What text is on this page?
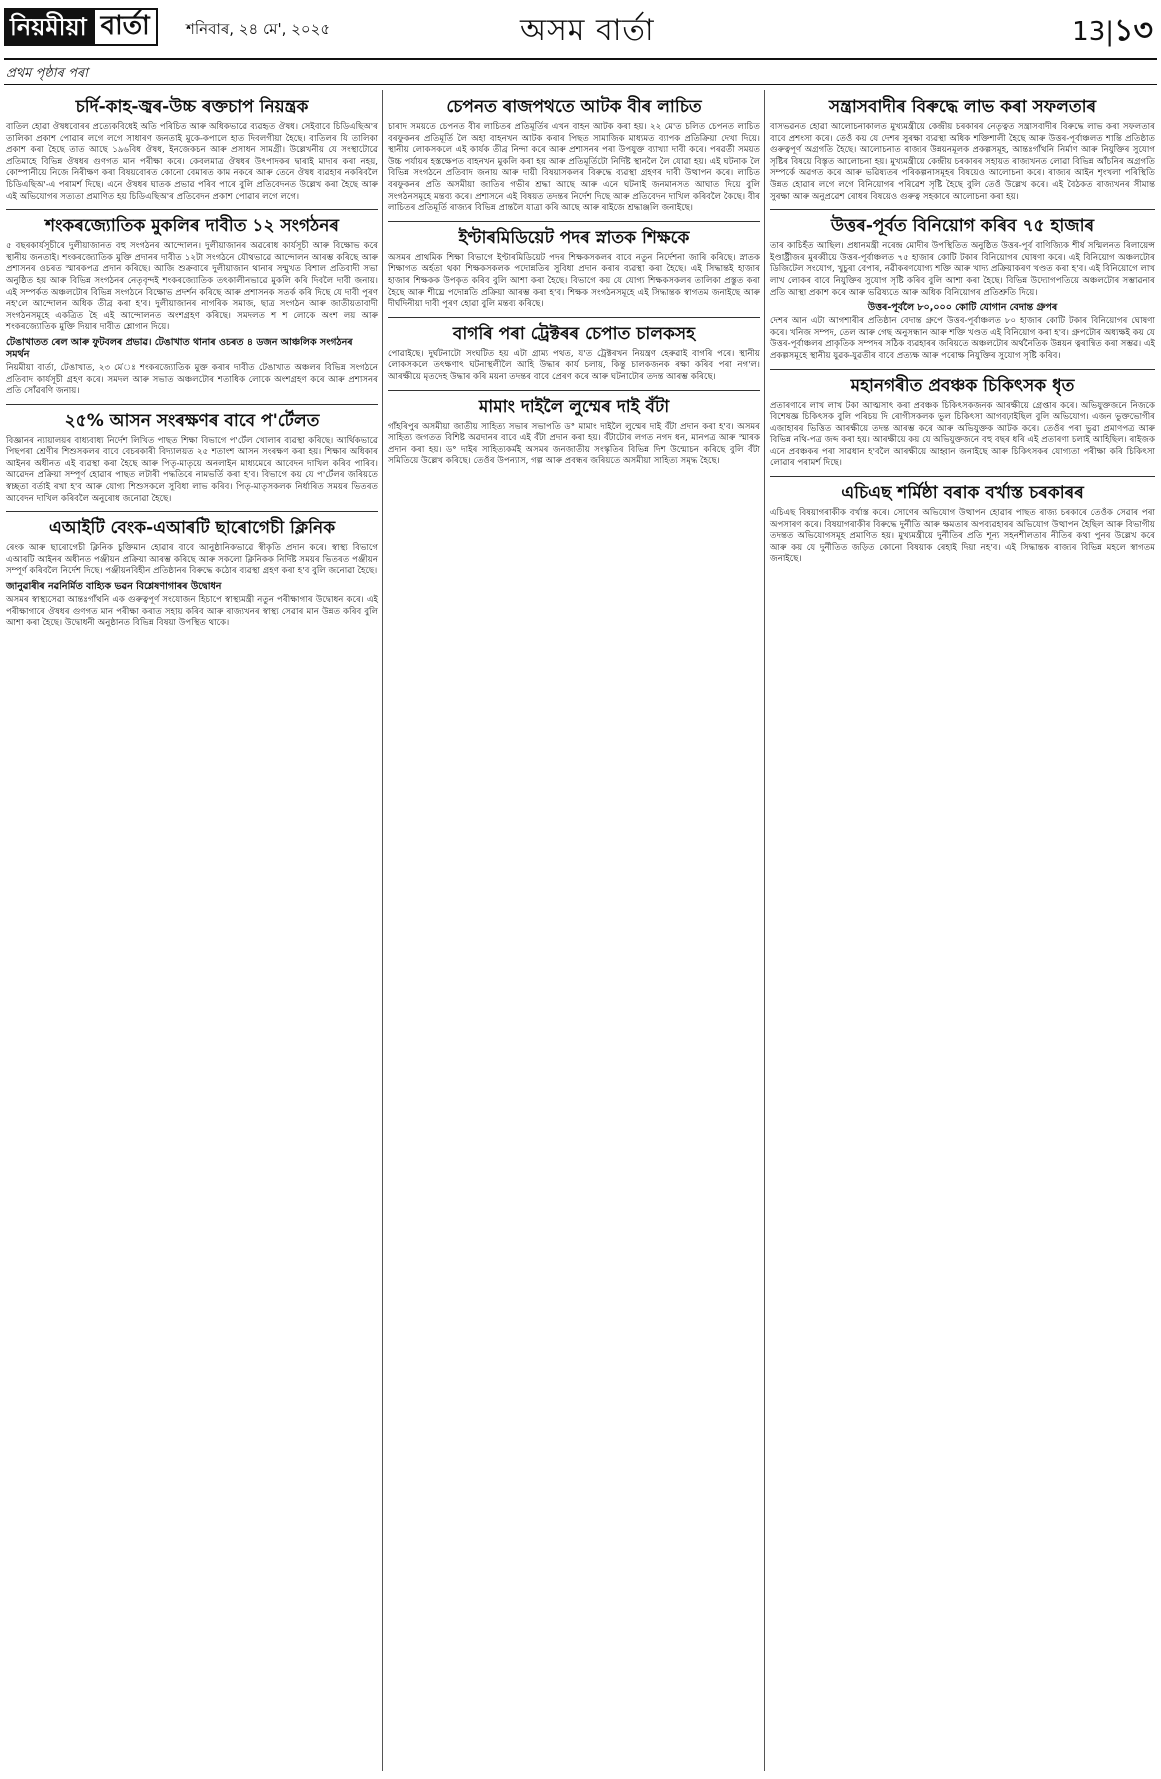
নিয়মীয়া বাৰ্তা	শনিবাৰ, ২৪ মে', ২০২৫	অসম বাৰ্তা	13|১৩
প্ৰথম পৃষ্ঠাৰ পৰা
চৰ্দি-কাহ-জ্বৰ-উচ্চ ৰক্তচাপ নিয়ন্ত্ৰক
বাতিল হোৱা ঔষধবোৰৰ প্ৰত্যেকবিধেই অতি পৰিচিত আৰু অধিকভাৱে ব্যৱহৃত ঔষধ। সেইবাবে চিডিএছিঅ'ৰ তালিকা প্ৰকাশ পোৱাৰ লগে লগে সাধাৰণ জনতাই মুকে-কপালে হাত দিবলগীয়া হৈছে। বাতিলৰ যি তালিকা প্ৰকাশ কৰা হৈছে তাত আছে ১৯৬বিধ ঔষধ, ইনজেকচন আৰু প্ৰসাধন সামগ্ৰী। উল্লেখনীয় যে সংস্থাটোৱে প্ৰতিমাহে বিভিন্ন ঔষধৰ গুণগত মান পৰীক্ষা কৰে। কেবলমাত্ৰ ঔষধৰ উৎপাদকৰ দ্বাৰাই মাদাৰ কৰা নহয়, কোম্পানীয়ে নিজে নিৰীক্ষণ কৰা বিষয়বোৰত কোনো বেমাৰত কাম নকৰে আৰু তেনে ঔষধ ব্যৱহাৰ নকৰিবলৈ চিডিএছিঅ'-এ পৰামৰ্শ দিছে। এনে ঔষধৰ ঘাতক প্ৰভাৱ পৰিব পাৰে বুলি প্ৰতিবেদনত উল্লেখ কৰা হৈছে আৰু এই অভিযোগৰ সত্যতা প্ৰমাণিত হয় চিডিএছিঅ'ৰ প্ৰতিবেদন প্ৰকাশ পোৱাৰ লগে লগে।
শংকৰজ্যোতিক মুকলিৰ দাবীত ১২ সংগঠনৰ
৫ বছৰকাৰ্যসূচীৰে দুলীয়াজানত বহু সংগঠনৰ আন্দোলন। দুলীয়াজানৰ অৱৰোধ কাৰ্যসূচী আৰু বিক্ষোভ কৰে স্থানীয় জনতাই। শংকৰজ্যোতিক মুক্তি প্ৰদানৰ দাবীত ১২টা সংগঠনে যৌথভাৱে আন্দোলন আৰম্ভ কৰিছে আৰু প্ৰশাসনৰ ওচৰত স্মাৰকপত্ৰ প্ৰদান কৰিছে। আজি শুক্ৰবাৰে দুলীয়াজান থানাৰ সন্মুখত বিশাল প্ৰতিবাদী সভা অনুষ্ঠিত হয় আৰু বিভিন্ন সংগঠনৰ নেতৃবৃন্দই শংকৰজ্যোতিক তৎকালীনভাৱে মুকলি কৰি দিবলৈ দাবী জনায়। এই সম্পৰ্কত অঞ্চলটোৰ বিভিন্ন সংগঠনে বিক্ষোভ প্ৰদৰ্শন কৰিছে আৰু প্ৰশাসনক সতৰ্ক কৰি দিছে যে দাবী পূৰণ নহ'লে আন্দোলন অধিক তীব্ৰ কৰা হ'ব। দুলীয়াজানৰ নাগৰিক সমাজ, ছাত্ৰ সংগঠন আৰু জাতীয়তাবাদী সংগঠনসমূহে একত্ৰিত হৈ এই আন্দোলনত অংশগ্ৰহণ কৰিছে। সমদলত শ শ লোকে অংশ লয় আৰু শংকৰজ্যোতিক মুক্তি দিয়াৰ দাবীত শ্লোগান দিয়ে।
টেঙাখাতত ৰেল আৰু ফুটবলৰ প্ৰভাৱ। টেঙাখাত থানাৰ ওচৰত ৪ ডজন আঞ্চলিক সংগঠনৰ সমৰ্থন
নিয়মীয়া বাৰ্তা, টেঙাখাত, ২৩ মে'ঃ শংকৰজ্যোতিক মুক্ত কৰাৰ দাবীত টেঙাখাত অঞ্চলৰ বিভিন্ন সংগঠনে প্ৰতিবাদ কাৰ্যসূচী গ্ৰহণ কৰে। সমদল আৰু সভাত অঞ্চলটোৰ শতাধিক লোকে অংশগ্ৰহণ কৰে আৰু প্ৰশাসনৰ প্ৰতি সোঁৱৰণি জনায়।
২৫% আসন সংৰক্ষণৰ বাবে প'ৰ্টেলত
বিজ্ঞানৰ ন্যায়ালয়ৰ বাধ্যবাধ্য নিৰ্দেশ লিখিত পাছত শিক্ষা বিভাগে প'ৰ্টেল খোলাৰ ব্যৱস্থা কৰিছে। আৰ্থিকভাৱে পিছপৰা শ্ৰেণীৰ শিশুসকলৰ বাবে বেচৰকাৰী বিদ্যালয়ত ২৫ শতাংশ আসন সংৰক্ষণ কৰা হয়। শিক্ষাৰ অধিকাৰ আইনৰ অধীনত এই ব্যৱস্থা কৰা হৈছে আৰু পিতৃ-মাতৃয়ে অনলাইন মাধ্যমেৰে আবেদন দাখিল কৰিব পাৰিব। আৱেদন প্ৰক্ৰিয়া সম্পূৰ্ণ হোৱাৰ পাছত লটাৰী পদ্ধতিৰে নামভৰ্তি কৰা হ'ব। বিভাগে কয় যে প'ৰ্টেলৰ জৰিয়তে স্বচ্ছতা বৰ্তাই ৰখা হ'ব আৰু যোগ্য শিশুসকলে সুবিধা লাভ কৰিব। পিতৃ-মাতৃসকলক নিৰ্ধাৰিত সময়ৰ ভিতৰত আবেদন দাখিল কৰিবলৈ অনুৰোধ জনোৱা হৈছে।
এআইটি বেংক-এআৰটি ছাৰোগেচী ক্লিনিক
ৰেংক আৰু ছাৰোগেচী ক্লিনিক চুক্তিমান হোৱাৰ বাবে আনুষ্ঠানিকভাৱে স্বীকৃতি প্ৰদান কৰে। স্বাস্থ্য বিভাগে এআৰটি আইনৰ অধীনত পঞ্জীয়ন প্ৰক্ৰিয়া আৰম্ভ কৰিছে আৰু সকলো ক্লিনিকক নিৰ্দিষ্ট সময়ৰ ভিতৰত পঞ্জীয়ন সম্পূৰ্ণ কৰিবলৈ নিৰ্দেশ দিছে। পঞ্জীয়নবিহীন প্ৰতিষ্ঠানৰ বিৰুদ্ধে কঠোৰ ব্যৱস্থা গ্ৰহণ কৰা হ'ব বুলি জনোৱা হৈছে।
জানুৱাৰীৰ নৱনিৰ্মিত বাহ্যিক ভৱন বিশ্লেষণাগাৰৰ উদ্বোধন
অসমৰ স্বাস্থ্যসেৱা আন্তঃগাঁথনি এক গুৰুত্বপূৰ্ণ সংযোজন হিচাপে স্বাস্থ্যমন্ত্ৰী নতুন পৰীক্ষাগাৰ উদ্বোধন কৰে। এই পৰীক্ষাগাৰে ঔষধৰ গুণগত মান পৰীক্ষা কৰাত সহায় কৰিব আৰু ৰাজ্যখনৰ স্বাস্থ্য সেৱাৰ মান উন্নত কৰিব বুলি আশা কৰা হৈছে। উদ্বোধনী অনুষ্ঠানত বিভিন্ন বিষয়া উপস্থিত থাকে।
চেপনত ৰাজপথতে আটক বীৰ লাচিত
চাৰাদ সময়তে চেপনত বীৰ লাচিতৰ প্ৰতিমূৰ্তিৰ এখন বাহন আটক কৰা হয়। ২২ মে'ত চলিত চেপনত লাচিত বৰফুকনৰ প্ৰতিমূৰ্তি লৈ অহা বাহনখন আটক কৰাৰ পিছত সামাজিক মাধ্যমত ব্যাপক প্ৰতিক্ৰিয়া দেখা দিয়ে। স্থানীয় লোকসকলে এই কাৰ্যক তীব্ৰ নিন্দা কৰে আৰু প্ৰশাসনৰ পৰা উপযুক্ত ব্যাখ্যা দাবী কৰে। পৰৱৰ্তী সময়ত উচ্চ পৰ্যায়ৰ হস্তক্ষেপত বাহনখন মুকলি কৰা হয় আৰু প্ৰতিমূৰ্তিটো নিৰ্দিষ্ট স্থানলৈ লৈ যোৱা হয়। এই ঘটনাক লৈ বিভিন্ন সংগঠনে প্ৰতিবাদ জনায় আৰু দায়ী বিষয়াসকলৰ বিৰুদ্ধে ব্যৱস্থা গ্ৰহণৰ দাবী উত্থাপন কৰে। লাচিত বৰফুকনৰ প্ৰতি অসমীয়া জাতিৰ গভীৰ শ্ৰদ্ধা আছে আৰু এনে ঘটনাই জনমানসত আঘাত দিয়ে বুলি সংগঠনসমূহে মন্তব্য কৰে। প্ৰশাসনে এই বিষয়ত তদন্তৰ নিৰ্দেশ দিছে আৰু প্ৰতিবেদন দাখিল কৰিবলৈ কৈছে। বীৰ লাচিতৰ প্ৰতিমূৰ্তি ৰাজ্যৰ বিভিন্ন প্ৰান্তলৈ যাত্ৰা কৰি আছে আৰু ৰাইজে শ্ৰদ্ধাঞ্জলি জনাইছে।
ইণ্টাৰমিডিয়েট পদৰ স্নাতক শিক্ষকে
অসমৰ প্ৰাথমিক শিক্ষা বিভাগে ইণ্টাৰমিডিয়েট পদৰ শিক্ষকসকলৰ বাবে নতুন নিৰ্দেশনা জাৰি কৰিছে। স্নাতক শিক্ষাগত অৰ্হতা থকা শিক্ষকসকলক পদোন্নতিৰ সুবিধা প্ৰদান কৰাৰ ব্যৱস্থা কৰা হৈছে। এই সিদ্ধান্তই হাজাৰ হাজাৰ শিক্ষকক উপকৃত কৰিব বুলি আশা কৰা হৈছে। বিভাগে কয় যে যোগ্য শিক্ষকসকলৰ তালিকা প্ৰস্তুত কৰা হৈছে আৰু শীঘ্ৰে পদোন্নতি প্ৰক্ৰিয়া আৰম্ভ কৰা হ'ব। শিক্ষক সংগঠনসমূহে এই সিদ্ধান্তক স্বাগতম জনাইছে আৰু দীৰ্ঘদিনীয়া দাবী পূৰণ হোৱা বুলি মন্তব্য কৰিছে।
বাগৰি পৰা ট্ৰেক্টৰৰ চেপাত চালকসহ
পোৱাইছে। দুৰ্ঘটনাটো সংঘটিত হয় এটা গ্ৰাম্য পথত, য'ত ট্ৰেক্টৰখন নিয়ন্ত্ৰণ হেৰুৱাই বাগৰি পৰে। স্থানীয় লোকসকলে তৎক্ষণাৎ ঘটনাস্থলীলৈ আহি উদ্ধাৰ কাৰ্য চলায়, কিন্তু চালকজনক ৰক্ষা কৰিব পৰা নগ'ল। আৰক্ষীয়ে মৃতদেহ উদ্ধাৰ কৰি ময়না তদন্তৰ বাবে প্ৰেৰণ কৰে আৰু ঘটনাটোৰ তদন্ত আৰম্ভ কৰিছে।
মামাং দাইলৈ লুম্মেৰ দাই বঁটা
গাঁহৰিপুৰ অসমীয়া জাতীয় সাহিত্য সভাৰ সভাপতি ড° মামাং দাইলৈ লুম্মেৰ দাই বঁটা প্ৰদান কৰা হ'ব। অসমৰ সাহিত্য জগতত বিশিষ্ট অৱদানৰ বাবে এই বঁটা প্ৰদান কৰা হয়। বঁটাটোৰ লগত নগদ ধন, মানপত্ৰ আৰু স্মাৰক প্ৰদান কৰা হয়। ড° দাইৰ সাহিত্যকৰ্মই অসমৰ জনজাতীয় সংস্কৃতিৰ বিভিন্ন দিশ উন্মোচন কৰিছে বুলি বঁটা সমিতিয়ে উল্লেখ কৰিছে। তেওঁৰ উপন্যাস, গল্প আৰু প্ৰবন্ধৰ জৰিয়তে অসমীয়া সাহিত্য সমৃদ্ধ হৈছে।
সন্ত্ৰাসবাদীৰ বিৰুদ্ধে লাভ কৰা সফলতাৰ
বাসভৱনত হোৱা আলোচনাকালত মুখ্যমন্ত্ৰীয়ে কেন্দ্ৰীয় চৰকাৰৰ নেতৃত্বত সন্ত্ৰাসবাদীৰ বিৰুদ্ধে লাভ কৰা সফলতাৰ বাবে প্ৰশংসা কৰে। তেওঁ কয় যে দেশৰ সুৰক্ষা ব্যৱস্থা অধিক শক্তিশালী হৈছে আৰু উত্তৰ-পূৰ্বাঞ্চলত শান্তি প্ৰতিষ্ঠাত গুৰুত্বপূৰ্ণ অগ্ৰগতি হৈছে। আলোচনাত ৰাজ্যৰ উন্নয়নমূলক প্ৰকল্পসমূহ, আন্তঃগাঁথনি নিৰ্মাণ আৰু নিযুক্তিৰ সুযোগ সৃষ্টিৰ বিষয়ে বিস্তৃত আলোচনা হয়। মুখ্যমন্ত্ৰীয়ে কেন্দ্ৰীয় চৰকাৰৰ সহায়ত ৰাজ্যখনত লোৱা বিভিন্ন আঁচনিৰ অগ্ৰগতি সম্পৰ্কে অৱগত কৰে আৰু ভৱিষ্যতৰ পৰিকল্পনাসমূহৰ বিষয়েও আলোচনা কৰে। ৰাজ্যৰ আইন শৃংখলা পৰিস্থিতি উন্নত হোৱাৰ লগে লগে বিনিয়োগৰ পৰিৱেশ সৃষ্টি হৈছে বুলি তেওঁ উল্লেখ কৰে। এই বৈঠকত ৰাজ্যখনৰ সীমান্ত সুৰক্ষা আৰু অনুপ্ৰৱেশ ৰোধৰ বিষয়েও গুৰুত্ব সহকাৰে আলোচনা কৰা হয়।
উত্তৰ-পূৰ্বত বিনিয়োগ কৰিব ৭৫ হাজাৰ
তাৰ কাচিহঁত আছিল। প্ৰধানমন্ত্ৰী নৰেন্দ্ৰ মোদীৰ উপস্থিতিত অনুষ্ঠিত উত্তৰ-পূৰ্ব বাণিজ্যিক শীৰ্ষ সন্মিলনত ৰিলায়েন্স ইণ্ডাষ্ট্ৰীজৰ মুৰব্বীয়ে উত্তৰ-পূৰ্বাঞ্চলত ৭৫ হাজাৰ কোটি টকাৰ বিনিয়োগৰ ঘোষণা কৰে। এই বিনিয়োগ অঞ্চলটোৰ ডিজিটেল সংযোগ, খুচুৰা বেপাৰ, নৱীকৰণযোগ্য শক্তি আৰু খাদ্য প্ৰক্ৰিয়াকৰণ খণ্ডত কৰা হ'ব। এই বিনিয়োগে লাখ লাখ লোকৰ বাবে নিযুক্তিৰ সুযোগ সৃষ্টি কৰিব বুলি আশা কৰা হৈছে। বিভিন্ন উদ্যোগপতিয়ে অঞ্চলটোৰ সম্ভাৱনাৰ প্ৰতি আস্থা প্ৰকাশ কৰে আৰু ভৱিষ্যতে আৰু অধিক বিনিয়োগৰ প্ৰতিশ্ৰুতি দিয়ে।
উত্তৰ-পূৰ্বলৈ ৮০,০০০ কোটি যোগান বেদান্ত গ্ৰুপৰ
দেশৰ আন এটা আগশাৰীৰ প্ৰতিষ্ঠান বেদান্ত গ্ৰুপে উত্তৰ-পূৰ্বাঞ্চলত ৮০ হাজাৰ কোটি টকাৰ বিনিয়োগৰ ঘোষণা কৰে। খনিজ সম্পদ, তেল আৰু গেছ অনুসন্ধান আৰু শক্তি খণ্ডত এই বিনিয়োগ কৰা হ'ব। গ্ৰুপটোৰ অধ্যক্ষই কয় যে উত্তৰ-পূৰ্বাঞ্চলৰ প্ৰাকৃতিক সম্পদৰ সঠিক ব্যৱহাৰৰ জৰিয়তে অঞ্চলটোৰ অৰ্থনৈতিক উন্নয়ন ত্বৰান্বিত কৰা সম্ভৱ। এই প্ৰকল্পসমূহে স্থানীয় যুৱক-যুৱতীৰ বাবে প্ৰত্যক্ষ আৰু পৰোক্ষ নিযুক্তিৰ সুযোগ সৃষ্টি কৰিব।
মহানগৰীত প্ৰবঞ্চক চিকিৎসক ধৃত
প্ৰতাৰণাৰে লাখ লাখ টকা আত্মসাৎ কৰা প্ৰবঞ্চক চিকিৎসকজনক আৰক্ষীয়ে গ্ৰেপ্তাৰ কৰে। অভিযুক্তজনে নিজকে বিশেষজ্ঞ চিকিৎসক বুলি পৰিচয় দি ৰোগীসকলক ভুল চিকিৎসা আগবঢ়াইছিল বুলি অভিযোগ। এজন ভুক্তভোগীৰ এজাহাৰৰ ভিত্তিত আৰক্ষীয়ে তদন্ত আৰম্ভ কৰে আৰু অভিযুক্তক আটক কৰে। তেওঁৰ পৰা ভুৱা প্ৰমাণপত্ৰ আৰু বিভিন্ন নথি-পত্ৰ জব্দ কৰা হয়। আৰক্ষীয়ে কয় যে অভিযুক্তজনে বহু বছৰ ধৰি এই প্ৰতাৰণা চলাই আহিছিল। ৰাইজক এনে প্ৰবঞ্চকৰ পৰা সাৱধান হ'বলৈ আৰক্ষীয়ে আহ্বান জনাইছে আৰু চিকিৎসকৰ যোগ্যতা পৰীক্ষা কৰি চিকিৎসা লোৱাৰ পৰামৰ্শ দিছে।
এচিএছ শৰ্মিষ্ঠা বৰাক বৰ্খাস্ত চৰকাৰৰ
এচিএছ বিষয়াগৰাকীক বৰ্খাস্ত কৰে। সোণেৰ অভিযোগ উত্থাপন হোৱাৰ পাছত ৰাজ্য চৰকাৰে তেওঁক সেৱাৰ পৰা অপসাৰণ কৰে। বিষয়াগৰাকীৰ বিৰুদ্ধে দুৰ্নীতি আৰু ক্ষমতাৰ অপব্যৱহাৰৰ অভিযোগ উত্থাপন হৈছিল আৰু বিভাগীয় তদন্তত অভিযোগসমূহ প্ৰমাণিত হয়। মুখ্যমন্ত্ৰীয়ে দুৰ্নীতিৰ প্ৰতি শূন্য সহনশীলতাৰ নীতিৰ কথা পুনৰ উল্লেখ কৰে আৰু কয় যে দুৰ্নীতিত জড়িত কোনো বিষয়াক ৰেহাই দিয়া নহ'ব। এই সিদ্ধান্তক ৰাজ্যৰ বিভিন্ন মহলে স্বাগতম জনাইছে।
